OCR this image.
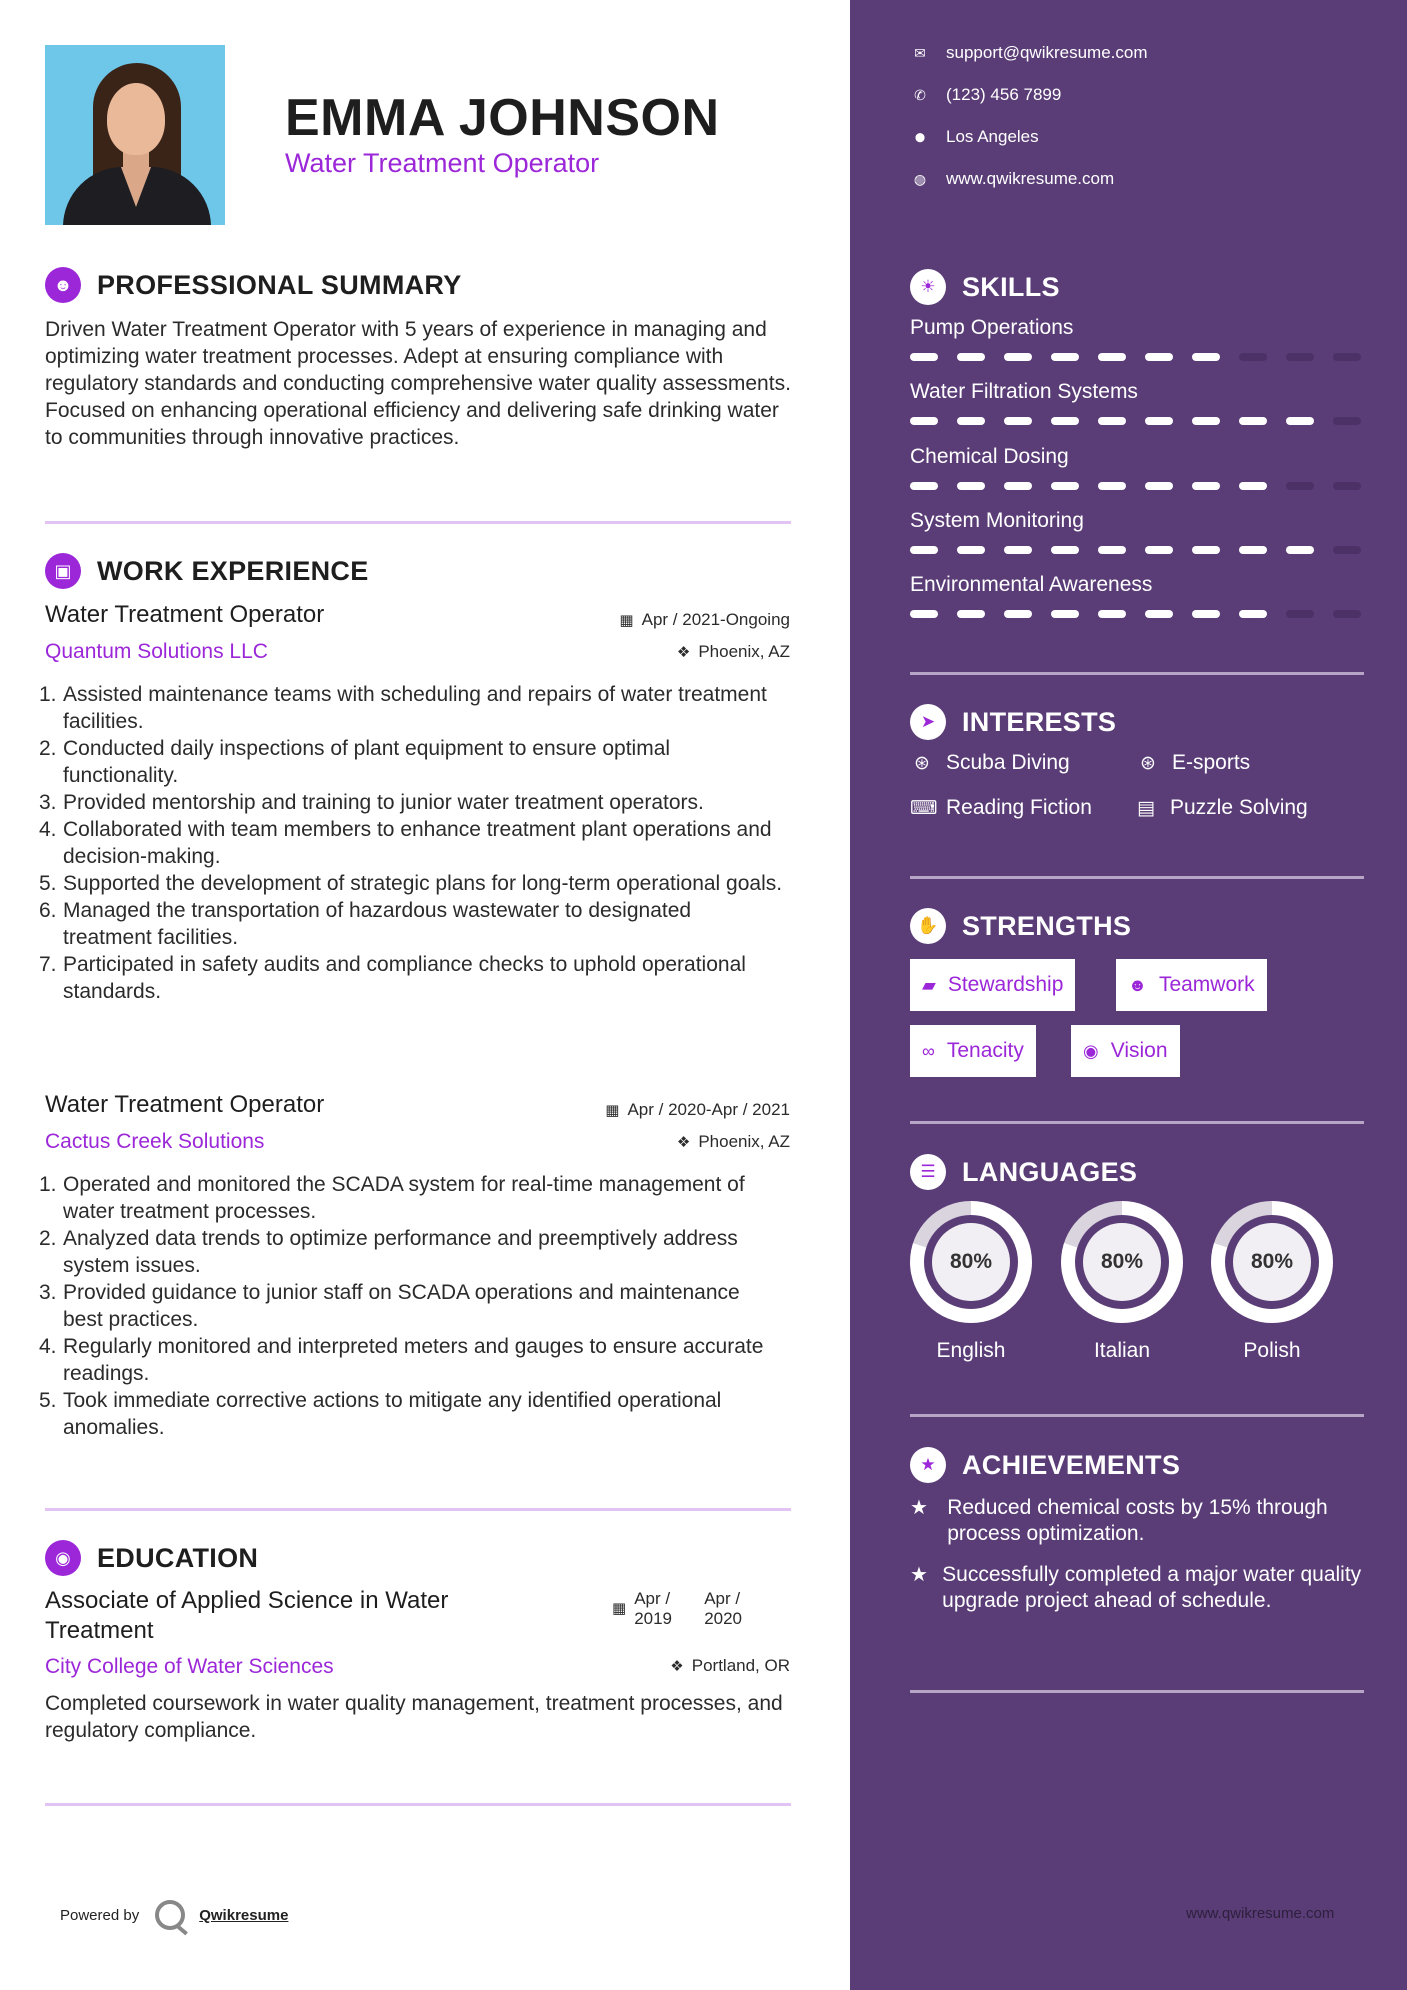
EMMA JOHNSON
Water Treatment Operator
☻ PROFESSIONAL SUMMARY
Driven Water Treatment Operator with 5 years of experience in managing and optimizing water treatment processes. Adept at ensuring compliance with regulatory standards and conducting comprehensive water quality assessments. Focused on enhancing operational efficiency and delivering safe drinking water to communities through innovative practices.
▣ WORK EXPERIENCE
Water Treatment Operator	▦ Apr / 2021-Ongoing
Quantum Solutions LLC	❖ Phoenix, AZ
1. Assisted maintenance teams with scheduling and repairs of water treatment facilities.
2. Conducted daily inspections of plant equipment to ensure optimal functionality.
3. Provided mentorship and training to junior water treatment operators.
4. Collaborated with team members to enhance treatment plant operations and decision-making.
5. Supported the development of strategic plans for long-term operational goals.
6. Managed the transportation of hazardous wastewater to designated treatment facilities.
7. Participated in safety audits and compliance checks to uphold operational standards.
Water Treatment Operator	▦ Apr / 2020-Apr / 2021
Cactus Creek Solutions	❖ Phoenix, AZ
1. Operated and monitored the SCADA system for real-time management of water treatment processes.
2. Analyzed data trends to optimize performance and preemptively address system issues.
3. Provided guidance to junior staff on SCADA operations and maintenance best practices.
4. Regularly monitored and interpreted meters and gauges to ensure accurate readings.
5. Took immediate corrective actions to mitigate any identified operational anomalies.
◉ EDUCATION
Associate of Applied Science in Water
Treatment
▦
Apr /
2019
Apr /
2020
City College of Water Sciences	❖ Portland, OR
Completed coursework in water quality management, treatment processes, and regulatory compliance.
Powered by	Qwikresume
✉ support@qwikresume.com
✆ (123) 456 7899
⬤ Los Angeles
◍ www.qwikresume.com
☀ SKILLS
Pump Operations
Water Filtration Systems
Chemical Dosing
System Monitoring
Environmental Awareness
➤ INTERESTS
⊛ Scuba Diving	⊛ E-sports
⌨ Reading Fiction ▤ Puzzle Solving
✋ STRENGTHS
▰ Stewardship	☻ Teamwork
∞ Tenacity	◉ Vision
☰ LANGUAGES
80%
English
80%
Italian
80%
Polish
★ ACHIEVEMENTS
★ Reduced chemical costs by 15% through process optimization.
★ Successfully completed a major water quality upgrade project ahead of schedule.
www.qwikresume.com
